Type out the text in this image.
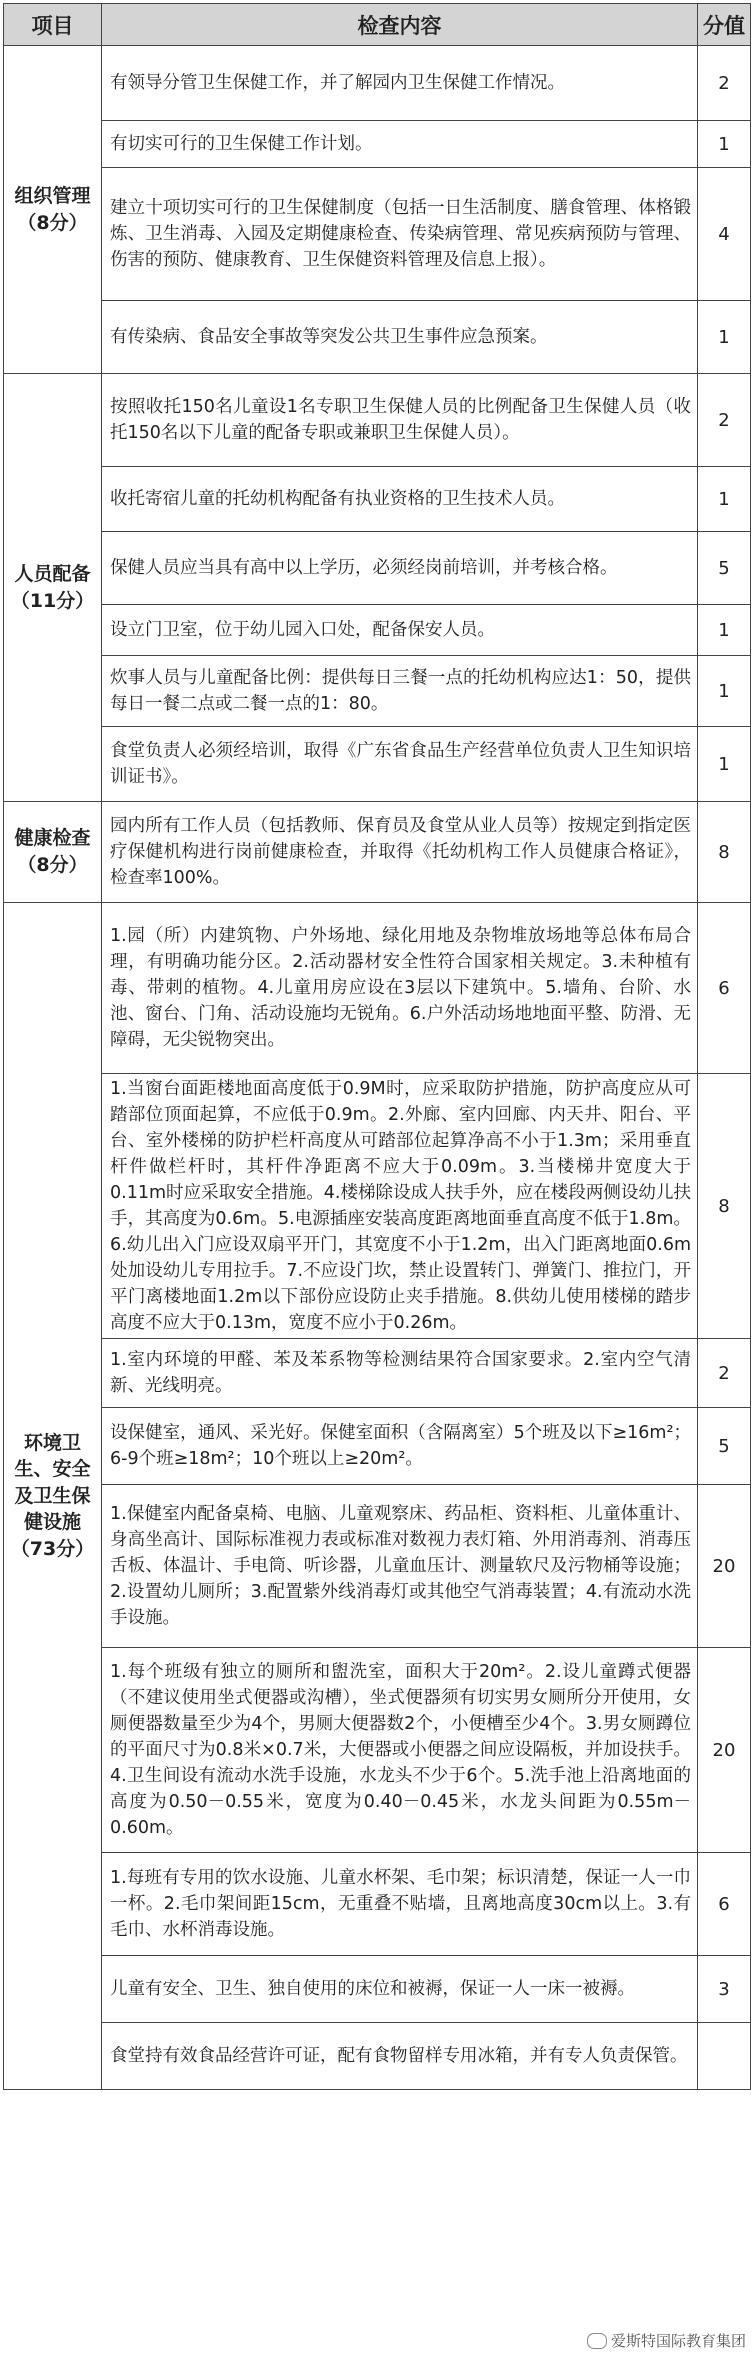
项目	检查内容	分值
组织管理
（8分）	有领导分管卫生保健工作，并了解园内卫生保健工作情况。	2
	有切实可行的卫生保健工作计划。	1
	建立十项切实可行的卫生保健制度（包括一日生活制度、膳食管理、体格锻炼、卫生消毒、入园及定期健康检查、传染病管理、常见疾病预防与管理、伤害的预防、健康教育、卫生保健资料管理及信息上报）。	4
	有传染病、食品安全事故等突发公共卫生事件应急预案。	1
人员配备
（11分）	按照收托150名儿童设1名专职卫生保健人员的比例配备卫生保健人员（收托150名以下儿童的配备专职或兼职卫生保健人员）。	2
	收托寄宿儿童的托幼机构配备有执业资格的卫生技术人员。	1
	保健人员应当具有高中以上学历，必须经岗前培训，并考核合格。	5
	设立门卫室，位于幼儿园入口处，配备保安人员。	1
	炊事人员与儿童配备比例：提供每日三餐一点的托幼机构应达1：50，提供每日一餐二点或二餐一点的1：80。	1
	食堂负责人必须经培训，取得《广东省食品生产经营单位负责人卫生知识培训证书》。	1
健康检查
（8分）	园内所有工作人员（包括教师、保育员及食堂从业人员等）按规定到指定医疗保健机构进行岗前健康检查，并取得《托幼机构工作人员健康合格证》，检查率100%。	8
环境卫生、安全及卫生保健设施（73分）	1.园（所）内建筑物、户外场地、绿化用地及杂物堆放场地等总体布局合理，有明确功能分区。2.活动器材安全性符合国家相关规定。3.未种植有毒、带刺的植物。4.儿童用房应设在3层以下建筑中。5.墙角、台阶、水池、窗台、门角、活动设施均无锐角。6.户外活动场地地面平整、防滑、无障碍，无尖锐物突出。	6
	1.当窗台面距楼地面高度低于0.9M时，应采取防护措施，防护高度应从可踏部位顶面起算，不应低于0.9m。2.外廊、室内回廊、内天井、阳台、平台、室外楼梯的防护栏杆高度从可踏部位起算净高不小于1.3m；采用垂直杆件做栏杆时，其杆件净距离不应大于0.09m。3.当楼梯井宽度大于0.11m时应采取安全措施。4.楼梯除设成人扶手外，应在楼段两侧设幼儿扶手，其高度为0.6m。5.电源插座安装高度距离地面垂直高度不低于1.8m。6.幼儿出入门应设双扇平开门，其宽度不小于1.2m，出入门距离地面0.6m处加设幼儿专用拉手。7.不应设门坎，禁止设置转门、弹簧门、推拉门，开平门离楼地面1.2m以下部份应设防止夹手措施。8.供幼儿使用楼梯的踏步高度不应大于0.13m，宽度不应小于0.26m。	8
	1.室内环境的甲醛、苯及苯系物等检测结果符合国家要求。2.室内空气清新、光线明亮。	2
	设保健室，通风、采光好。保健室面积（含隔离室）5个班及以下≥16m²；6-9个班≥18m²；10个班以上≥20m²。	5
	1.保健室内配备桌椅、电脑、儿童观察床、药品柜、资料柜、儿童体重计、身高坐高计、国际标准视力表或标准对数视力表灯箱、外用消毒剂、消毒压舌板、体温计、手电筒、听诊器，儿童血压计、测量软尺及污物桶等设施；2.设置幼儿厕所；3.配置紫外线消毒灯或其他空气消毒装置；4.有流动水洗手设施。	20
	1.每个班级有独立的厕所和盥洗室，面积大于20m²。2.设儿童蹲式便器（不建议使用坐式便器或沟槽），坐式便器须有切实男女厕所分开使用，女厕便器数量至少为4个，男厕大便器数2个，小便槽至少4个。3.男女厕蹲位的平面尺寸为0.8米×0.7米，大便器或小便器之间应设隔板，并加设扶手。4.卫生间设有流动水洗手设施，水龙头不少于6个。5.洗手池上沿离地面的高度为0.50－0.55米，宽度为0.40－0.45米，水龙头间距为0.55m－0.60m。	20
	1.每班有专用的饮水设施、儿童水杯架、毛巾架；标识清楚，保证一人一巾一杯。2.毛巾架间距15cm，无重叠不贴墙，且离地高度30cm以上。3.有毛巾、水杯消毒设施。	6
	儿童有安全、卫生、独自使用的床位和被褥，保证一人一床一被褥。	3
	食堂持有效食品经营许可证，配有食物留样专用冰箱，并有专人负责保管。	
爱斯特国际教育集团
